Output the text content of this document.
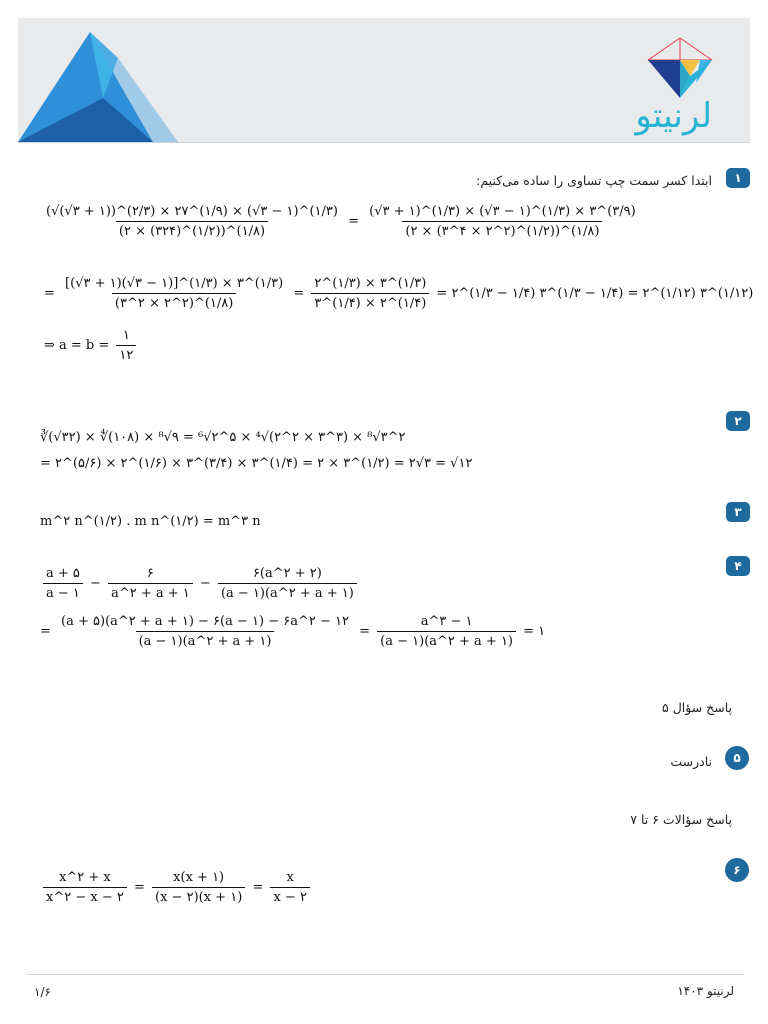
لرنیتو
۱
ابتدا کسر سمت چپ تساوی را ساده می‌کنیم:
$\frac{(√(√۳ + ۱))\^{}(۲/۳) \times ۲۷\^{}(۱/۹) \times (√۳ - ۱)\^{}(۱/۳)}{(۲ \times (۳۲۴)\^{}(۱/۲))\^{}(۱/۸)} = \frac{(√۳ + ۱)\^{}(۱/۳) \times (√۳ - ۱)\^{}(۱/۳) \times ۳\^{}(۳/۹)}{(۲ \times (۳\^{}۴ \times ۲\^{}۲)\^{}(۱/۲))\^{}(۱/۸)}$
= $\frac{[(√۳ + ۱)(√۳ - ۱)]\^{}(۱/۳) \times ۳\^{}(۱/۳)}{(۳\^{}۲ \times ۲\^{}۲)\^{}(۱/۸)} = \frac{۲\^{}(۱/۳) \times ۳\^{}(۱/۳)}{۳\^{}(۱/۴) \times ۲\^{}(۱/۴)}$ = ۲^(۱/۳ − ۱/۴) ۳^(۱/۳ − ۱/۴) = ۲^(۱/۱۲) ۳^(۱/۱۲)
⇒ $a = b = \frac{۱}{۱۲}$
۲
∛(√۳۲) × ∜(۱۰۸) × ⁸√۹ = ⁶√۲^۵ × ⁴√(۲^۲ × ۳^۳) × ⁸√۳^۲
= ۲^(۵/۶) × ۲^(۱/۶) × ۳^(۳/۴) × ۳^(۱/۴) = ۲ × ۳^(۱/۲) = ۲√۳ = √۱۲
۳
m^۲ n^(۱/۲) . m n^(۱/۲) = m^۳ n
۴
$\frac{a + ۵}{a - ۱} - \frac{۶}{a\^{}۲ + a + ۱} - \frac{۶(a\^{}۲ + ۲)}{(a - ۱)(a\^{}۲ + a + ۱)}$
= $\frac{(a + ۵)(a\^{}۲ + a + ۱) - ۶(a - ۱) - ۶a\^{}۲ - ۱۲}{(a - ۱)(a\^{}۲ + a + ۱)} = \frac{a\^{}۳ - ۱}{(a - ۱)(a\^{}۲ + a + ۱)}$ = ۱
پاسخ سؤال ۵
۵
نادرست
پاسخ سؤالات ۶ تا ۷
۶
$\frac{x\^{}۲ + x}{x\^{}۲ - x - ۲} = \frac{x(x + ۱)}{(x - ۲)(x + ۱)} = \frac{x}{x - ۲}$
۱/۶	لرنیتو ۱۴۰۳
